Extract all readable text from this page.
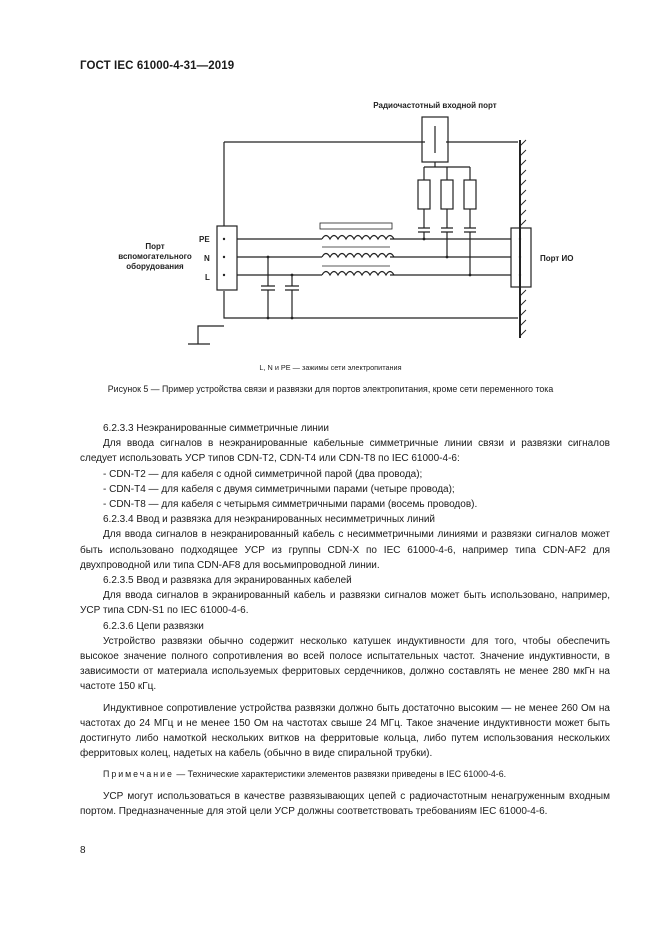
ГОСТ IEC 61000-4-31—2019
Радиочастотный входной порт
Порт
вспомогательного
оборудования
Порт ИО
PE
N
L
L, N и PE — зажимы сети электропитания
Рисунок 5 — Пример устройства связи и развязки для портов электропитания, кроме сети переменного тока

6.2.3.3 Неэкранированные симметричные линии

Для ввода сигналов в неэкранированные кабельные симметричные линии связи и развязки сигналов следует использовать УСР типов CDN-T2, CDN-T4 или CDN-T8 по IEC 61000-4-6:

- CDN-T2 — для кабеля с одной симметричной парой (два провода);

- CDN-T4 — для кабеля с двумя симметричными парами (четыре провода);

- CDN-T8 — для кабеля с четырьмя симметричными парами (восемь проводов).

6.2.3.4 Ввод и развязка для неэкранированных несимметричных линий

Для ввода сигналов в неэкранированный кабель с несимметричными линиями и развязки сигналов может быть использовано подходящее УСР из группы CDN-X по IEC 61000-4-6, например типа CDN-AF2 для двухпроводной или типа CDN-AF8 для восьмипроводной линии.

6.2.3.5 Ввод и развязка для экранированных кабелей

Для ввода сигналов в экранированный кабель и развязки сигналов может быть использовано, например, УСР типа CDN-S1 по IEC 61000-4-6.

6.2.3.6 Цепи развязки

Устройство развязки обычно содержит несколько катушек индуктивности для того, чтобы обеспечить высокое значение полного сопротивления во всей полосе испытательных частот. Значение индуктивности, в зависимости от материала используемых ферритовых сердечников, должно составлять не менее 280 мкГн на частоте 150 кГц.

Индуктивное сопротивление устройства развязки должно быть достаточно высоким — не менее 260 Ом на частотах до 24 МГц и не менее 150 Ом на частотах свыше 24 МГц. Такое значение индуктивности может быть достигнуто либо намоткой нескольких витков на ферритовые кольца, либо путем использования нескольких ферритовых колец, надетых на кабель (обычно в виде спиральной трубки).

Примечание — Технические характеристики элементов развязки приведены в IEC 61000-4-6.

УСР могут использоваться в качестве развязывающих цепей с радиочастотным ненагруженным входным портом. Предназначенные для этой цели УСР должны соответствовать требованиям IEC 61000-4-6.

8
